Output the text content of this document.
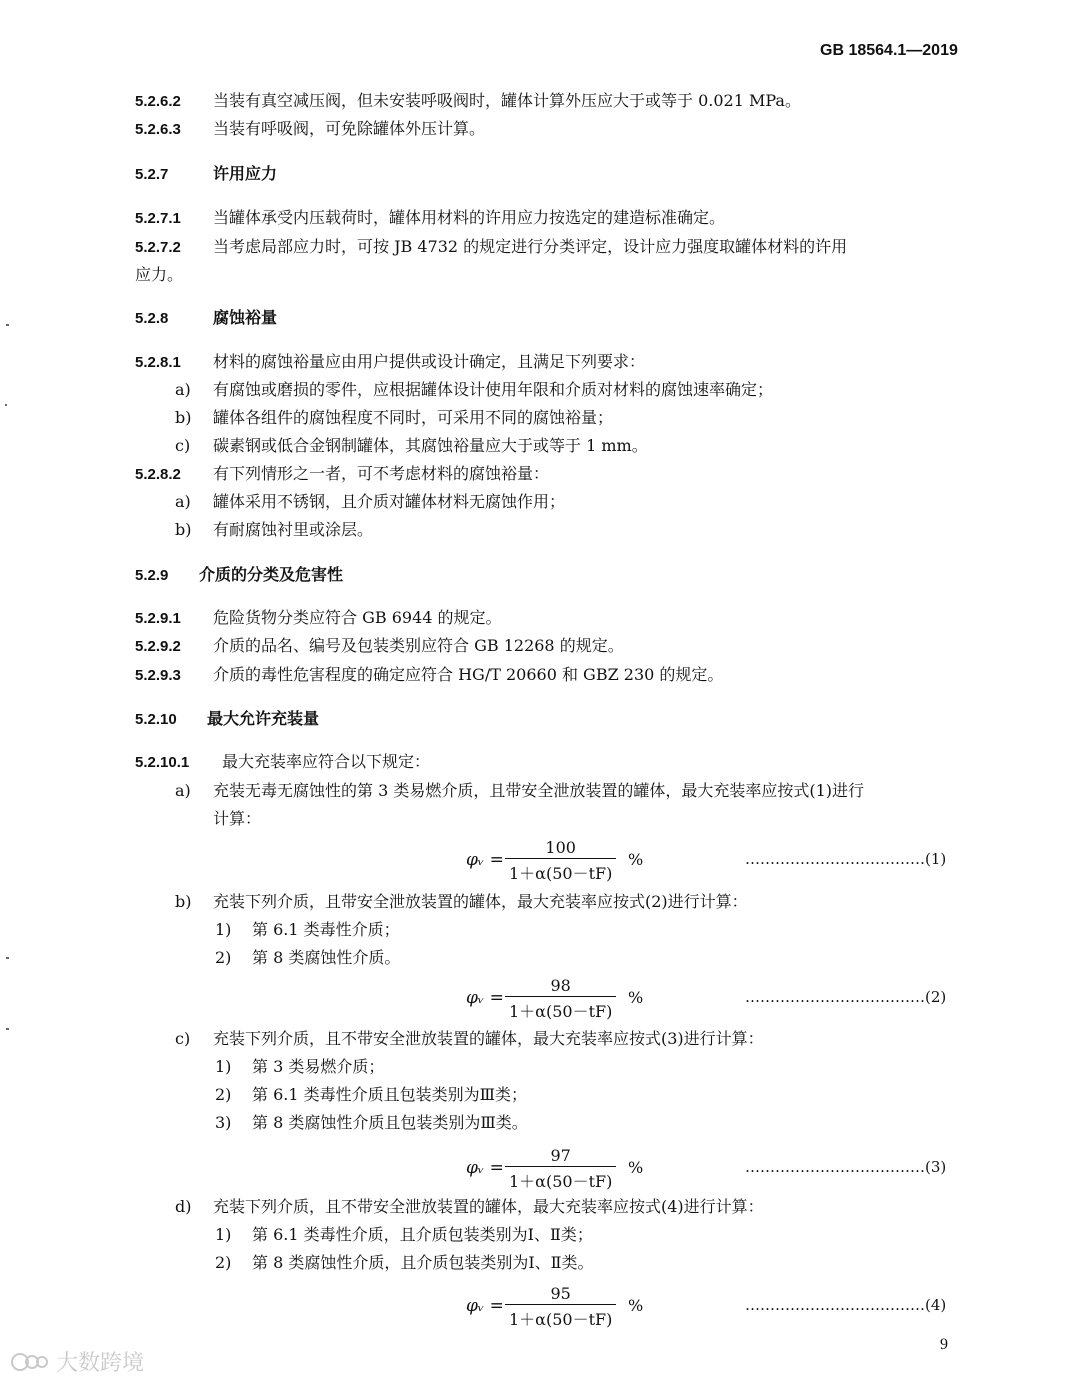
GB 18564.1—2019
5.2.6.2 当装有真空减压阀，但未安装呼吸阀时，罐体计算外压应大于或等于 0.021 MPa。
5.2.6.3 当装有呼吸阀，可免除罐体外压计算。
5.2.7	许用应力
5.2.7.1 当罐体承受内压载荷时，罐体用材料的许用应力按选定的建造标准确定。
5.2.7.2 当考虑局部应力时，可按 JB 4732 的规定进行分类评定，设计应力强度取罐体材料的许用
应力。
5.2.8	腐蚀裕量
5.2.8.1 材料的腐蚀裕量应由用户提供或设计确定，且满足下列要求：
a) 有腐蚀或磨损的零件，应根据罐体设计使用年限和介质对材料的腐蚀速率确定；
b) 罐体各组件的腐蚀程度不同时，可采用不同的腐蚀裕量；
c) 碳素钢或低合金钢制罐体，其腐蚀裕量应大于或等于 1 mm。
5.2.8.2 有下列情形之一者，可不考虑材料的腐蚀裕量：
a) 罐体采用不锈钢，且介质对罐体材料无腐蚀作用；
b) 有耐腐蚀衬里或涂层。
5.2.9 介质的分类及危害性
5.2.9.1 危险货物分类应符合 GB 6944 的规定。
5.2.9.2 介质的品名、编号及包装类别应符合 GB 12268 的规定。
5.2.9.3 介质的毒性危害程度的确定应符合 HG/T 20660 和 GBZ 230 的规定。
5.2.10 最大允许充装量
5.2.10.1 最大充装率应符合以下规定：
a) 充装无毒无腐蚀性的第 3 类易燃介质，且带安全泄放装置的罐体，最大充装率应按式(1)进行
计算：
φᵥ = $\frac{100}{1+\alpha(50-tF)}$ %	………………………………(1)
b) 充装下列介质，且带安全泄放装置的罐体，最大充装率应按式(2)进行计算：
1) 第 6.1 类毒性介质；
2) 第 8 类腐蚀性介质。
φᵥ = $\frac{98}{1+\alpha(50-tF)}$ %	………………………………(2)
c) 充装下列介质，且不带安全泄放装置的罐体，最大充装率应按式(3)进行计算：
1) 第 3 类易燃介质；
2) 第 6.1 类毒性介质且包装类别为Ⅲ类；
3) 第 8 类腐蚀性介质且包装类别为Ⅲ类。
φᵥ = $\frac{97}{1+\alpha(50-tF)}$ %	………………………………(3)
d) 充装下列介质，且不带安全泄放装置的罐体，最大充装率应按式(4)进行计算：
1) 第 6.1 类毒性介质，且介质包装类别为Ⅰ、Ⅱ类；
2) 第 8 类腐蚀性介质，且介质包装类别为Ⅰ、Ⅱ类。
φᵥ = $\frac{95}{1+\alpha(50-tF)}$ %	………………………………(4)
9
大数跨境
